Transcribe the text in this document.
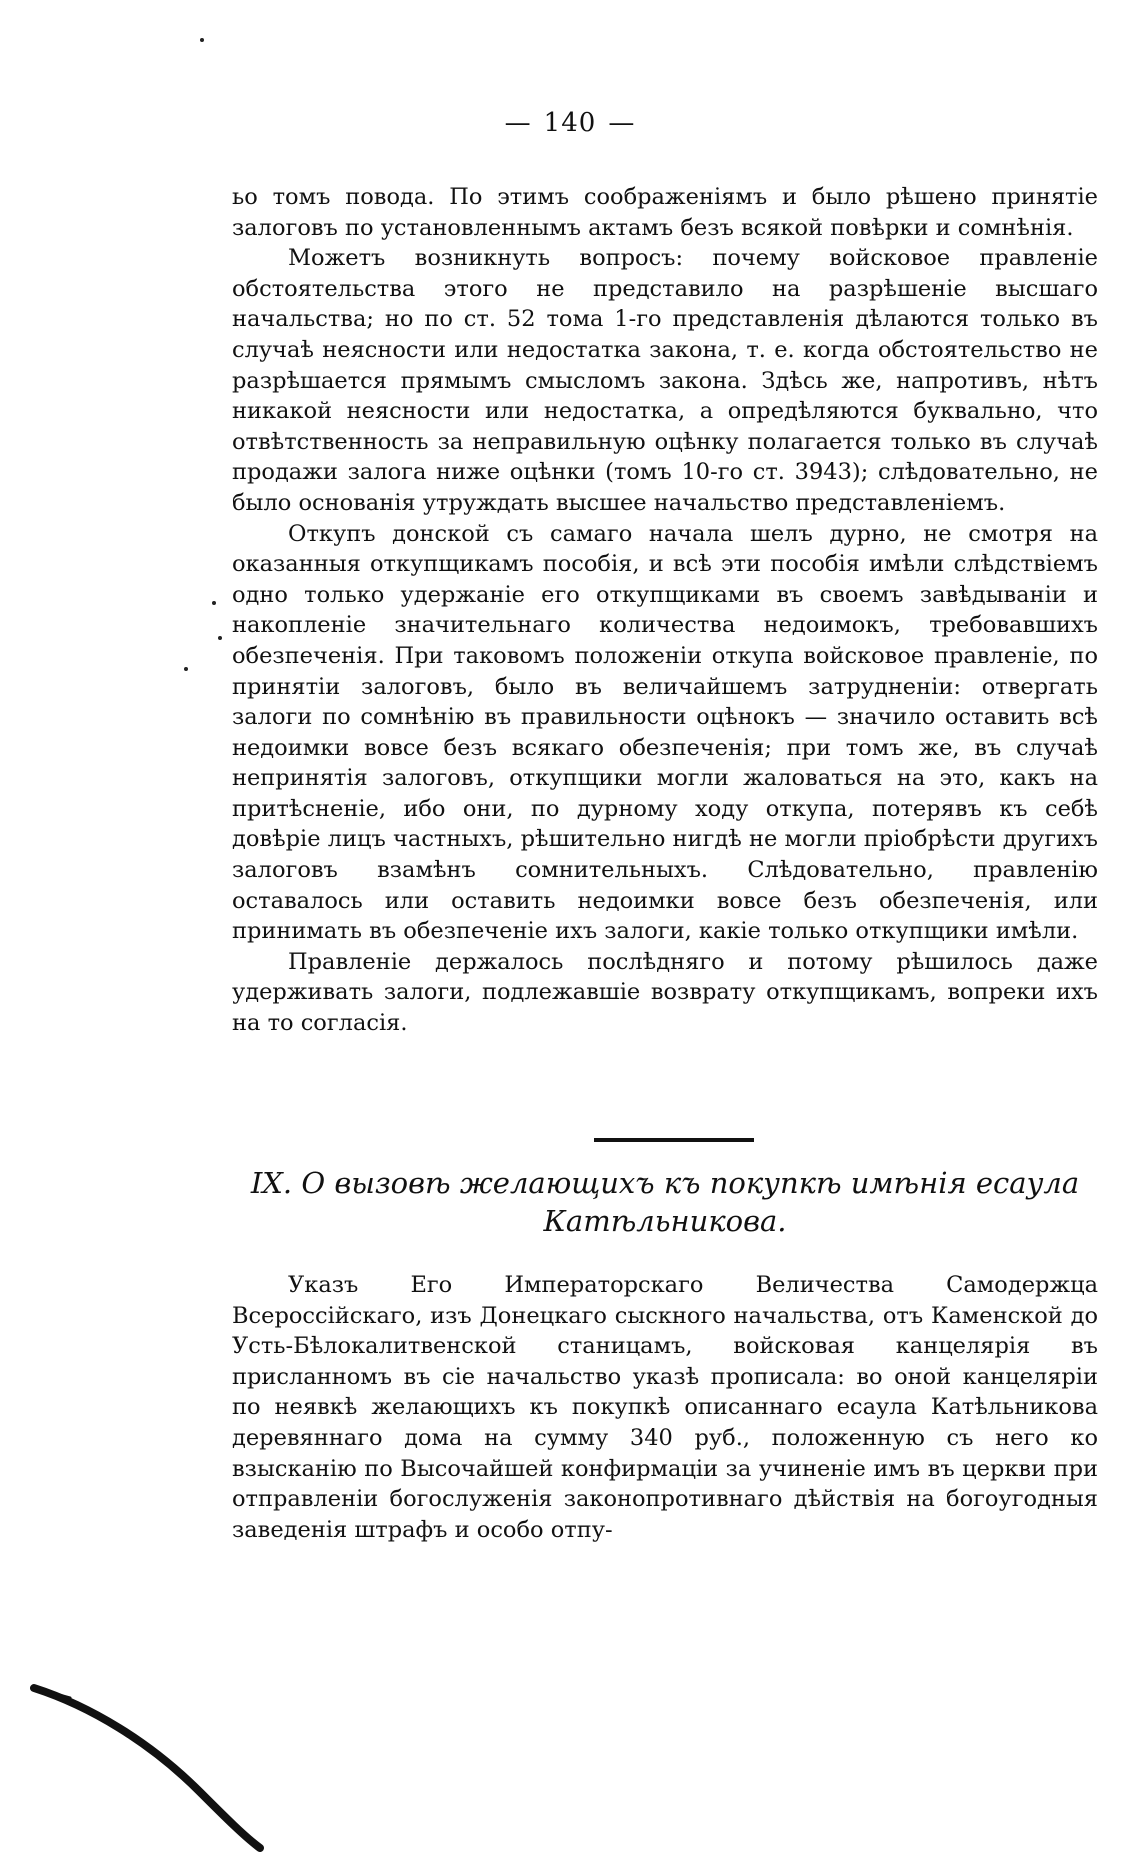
— 140 —

ьо томъ повода. По этимъ соображенiямъ и было рѣшено принятiе залоговъ по установленнымъ актамъ безъ всякой повѣрки и сомнѣнiя.

Можетъ возникнуть вопросъ: почему войсковое правленiе обстоятельства этого не представило на разрѣшенiе высшаго начальства; но по ст. 52 тома 1-го представленiя дѣлаются только въ случаѣ неясности или недостатка закона, т. е. когда обстоятельство не разрѣшается прямымъ смысломъ закона. Здѣсь же, напротивъ, нѣтъ никакой неясности или недостатка, а опредѣляются буквально, что отвѣтственность за неправильную оцѣнку полагается только въ случаѣ продажи залога ниже оцѣнки (томъ 10-го ст. 3943); слѣдовательно, не было основанiя утруждать высшее начальство представленiемъ.

Откупъ донской съ самаго начала шелъ дурно, не смотря на оказанныя откупщикамъ пособiя, и всѣ эти пособiя имѣли слѣдствiемъ одно только удержанiе его откупщиками въ своемъ завѣдыванiи и накопленiе значительнаго количества недоимокъ, требовавшихъ обезпеченiя. При таковомъ положенiи откупа войсковое правленiе, по принятiи залоговъ, было въ величайшемъ затрудненiи: отвергать залоги по сомнѣнiю въ правильности оцѣнокъ — значило оставить всѣ недоимки вовсе безъ всякаго обезпеченiя; при томъ же, въ случаѣ непринятiя залоговъ, откупщики могли жаловаться на это, какъ на притѣсненiе, ибо они, по дурному ходу откупа, потерявъ къ себѣ довѣрiе лицъ частныхъ, рѣшительно нигдѣ не могли прiобрѣсти другихъ залоговъ взамѣнъ сомнительныхъ. Слѣдовательно, правленiю оставалось или оставить недоимки вовсе безъ обезпеченiя, или принимать въ обезпеченiе ихъ залоги, какiе только откупщики имѣли.

Правленiе держалось послѣдняго и потому рѣшилось даже удерживать залоги, подлежавшiе возврату откупщикамъ, вопреки ихъ на то согласiя.

IX. О вызовѣ желающихъ къ покупкѣ имѣнiя есаула
Катѣльникова.

Указъ Его Императорскаго Величества Самодержца Всероссiйскаго, изъ Донецкаго сыскного начальства, отъ Каменской до Усть-Бѣлокалитвенской станицамъ, войсковая канцелярiя въ присланномъ въ сiе начальство указѣ прописала: во оной канцелярiи по неявкѣ желающихъ къ покупкѣ описаннаго есаула Катѣльникова деревяннаго дома на сумму 340 руб., положенную съ него ко взысканiю по Высочайшей конфирмацiи за учиненiе имъ въ церкви при отправленiи богослуженiя законопротивнаго дѣйствiя на богоугодныя заведенiя штрафъ и особо отпу-
